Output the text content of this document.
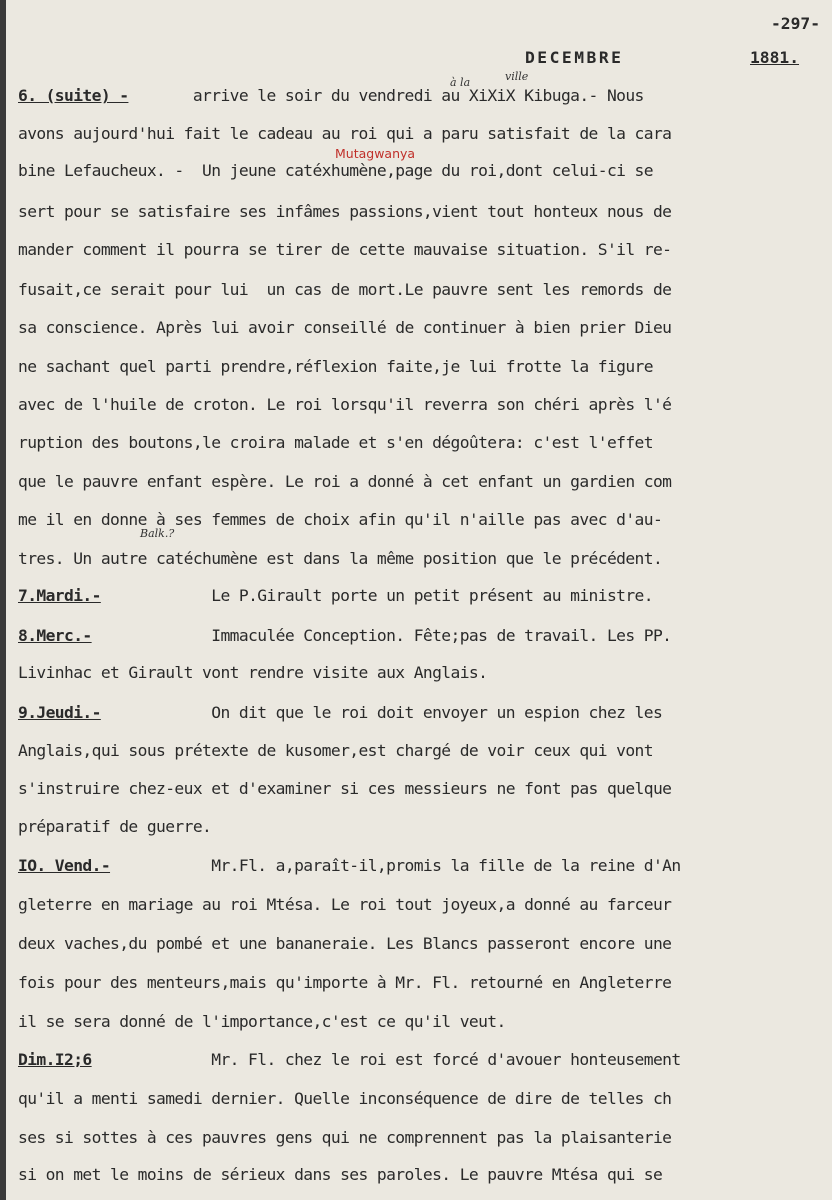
-297-
DECEMBRE	1881.
à la	ville
Mutagwanya
Balk.?
6. (suite) -       arrive le soir du vendredi au XiXiX Kibuga.- Nous
avons aujourd'hui fait le cadeau au roi qui a paru satisfait de la cara
bine Lefaucheux. -  Un jeune catéxhumène,page du roi,dont celui-ci se
sert pour se satisfaire ses infâmes passions,vient tout honteux nous de
mander comment il pourra se tirer de cette mauvaise situation. S'il re-
fusait,ce serait pour lui  un cas de mort.Le pauvre sent les remords de
sa conscience. Après lui avoir conseillé de continuer à bien prier Dieu
ne sachant quel parti prendre,réflexion faite,je lui frotte la figure
avec de l'huile de croton. Le roi lorsqu'il reverra son chéri après l'é
ruption des boutons,le croira malade et s'en dégoûtera: c'est l'effet
que le pauvre enfant espère. Le roi a donné à cet enfant un gardien com
me il en donne à ses femmes de choix afin qu'il n'aille pas avec d'au-
tres. Un autre catéchumène est dans la même position que le précédent.
7.Mardi.-            Le P.Girault porte un petit présent au ministre.
8.Merc.-             Immaculée Conception. Fête;pas de travail. Les PP.
Livinhac et Girault vont rendre visite aux Anglais.
9.Jeudi.-            On dit que le roi doit envoyer un espion chez les
Anglais,qui sous prétexte de kusomer,est chargé de voir ceux qui vont
s'instruire chez-eux et d'examiner si ces messieurs ne font pas quelque
préparatif de guerre.
IO. Vend.-           Mr.Fl. a,paraît-il,promis la fille de la reine d'An
gleterre en mariage au roi Mtésa. Le roi tout joyeux,a donné au farceur
deux vaches,du pombé et une bananeraie. Les Blancs passeront encore une
fois pour des menteurs,mais qu'importe à Mr. Fl. retourné en Angleterre
il se sera donné de l'importance,c'est ce qu'il veut.
Dim.I2;6             Mr. Fl. chez le roi est forcé d'avouer honteusement
qu'il a menti samedi dernier. Quelle inconséquence de dire de telles ch
ses si sottes à ces pauvres gens qui ne comprennent pas la plaisanterie
si on met le moins de sérieux dans ses paroles. Le pauvre Mtésa qui se
